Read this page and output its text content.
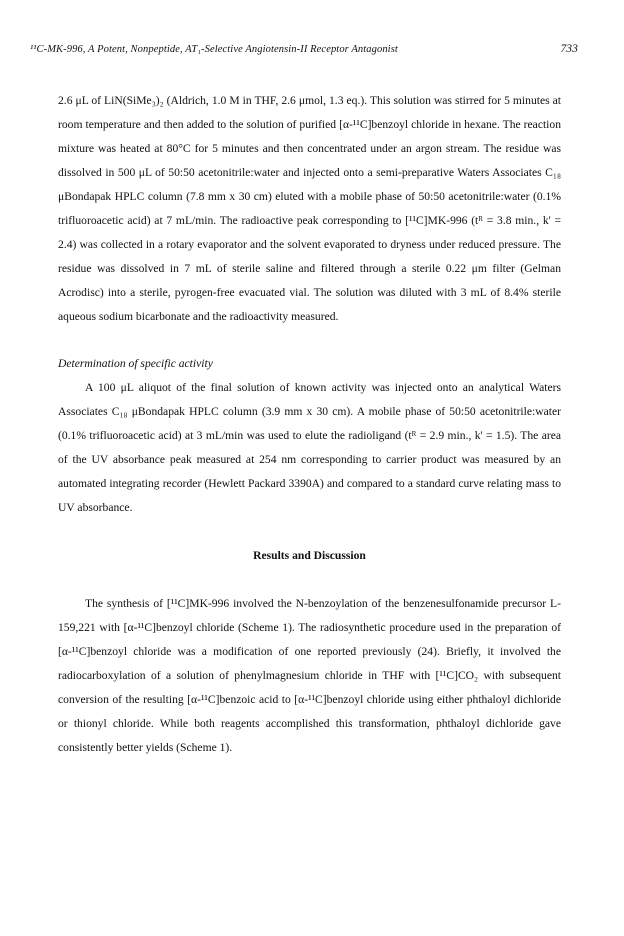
¹¹C-MK-996, A Potent, Nonpeptide, AT₁-Selective Angiotensin-II Receptor Antagonist	733

2.6 μL of LiN(SiMe₃)₂ (Aldrich, 1.0 M in THF, 2.6 μmol, 1.3 eq.). This solution was stirred for 5 minutes at room temperature and then added to the solution of purified [α-¹¹C]benzoyl chloride in hexane. The reaction mixture was heated at 80°C for 5 minutes and then concentrated under an argon stream. The residue was dissolved in 500 μL of 50:50 acetonitrile:water and injected onto a semi-preparative Waters Associates C₁₈ μBondapak HPLC column (7.8 mm x 30 cm) eluted with a mobile phase of 50:50 acetonitrile:water (0.1% trifluoroacetic acid) at 7 mL/min. The radioactive peak corresponding to [¹¹C]MK-996 (tᴿ = 3.8 min., k' = 2.4) was collected in a rotary evaporator and the solvent evaporated to dryness under reduced pressure. The residue was dissolved in 7 mL of sterile saline and filtered through a sterile 0.22 μm filter (Gelman Acrodisc) into a sterile, pyrogen-free evacuated vial. The solution was diluted with 3 mL of 8.4% sterile aqueous sodium bicarbonate and the radioactivity measured.

Determination of specific activity

A 100 μL aliquot of the final solution of known activity was injected onto an analytical Waters Associates C₁₈ μBondapak HPLC column (3.9 mm x 30 cm). A mobile phase of 50:50 acetonitrile:water (0.1% trifluoroacetic acid) at 3 mL/min was used to elute the radioligand (tᴿ = 2.9 min., k' = 1.5). The area of the UV absorbance peak measured at 254 nm corresponding to carrier product was measured by an automated integrating recorder (Hewlett Packard 3390A) and compared to a standard curve relating mass to UV absorbance.

Results and Discussion

The synthesis of [¹¹C]MK-996 involved the N-benzoylation of the benzenesulfonamide precursor L-159,221 with [α-¹¹C]benzoyl chloride (Scheme 1). The radiosynthetic procedure used in the preparation of [α-¹¹C]benzoyl chloride was a modification of one reported previously (24). Briefly, it involved the radiocarboxylation of a solution of phenylmagnesium chloride in THF with [¹¹C]CO₂ with subsequent conversion of the resulting [α-¹¹C]benzoic acid to [α-¹¹C]benzoyl chloride using either phthaloyl dichloride or thionyl chloride. While both reagents accomplished this transformation, phthaloyl dichloride gave consistently better yields (Scheme 1).
